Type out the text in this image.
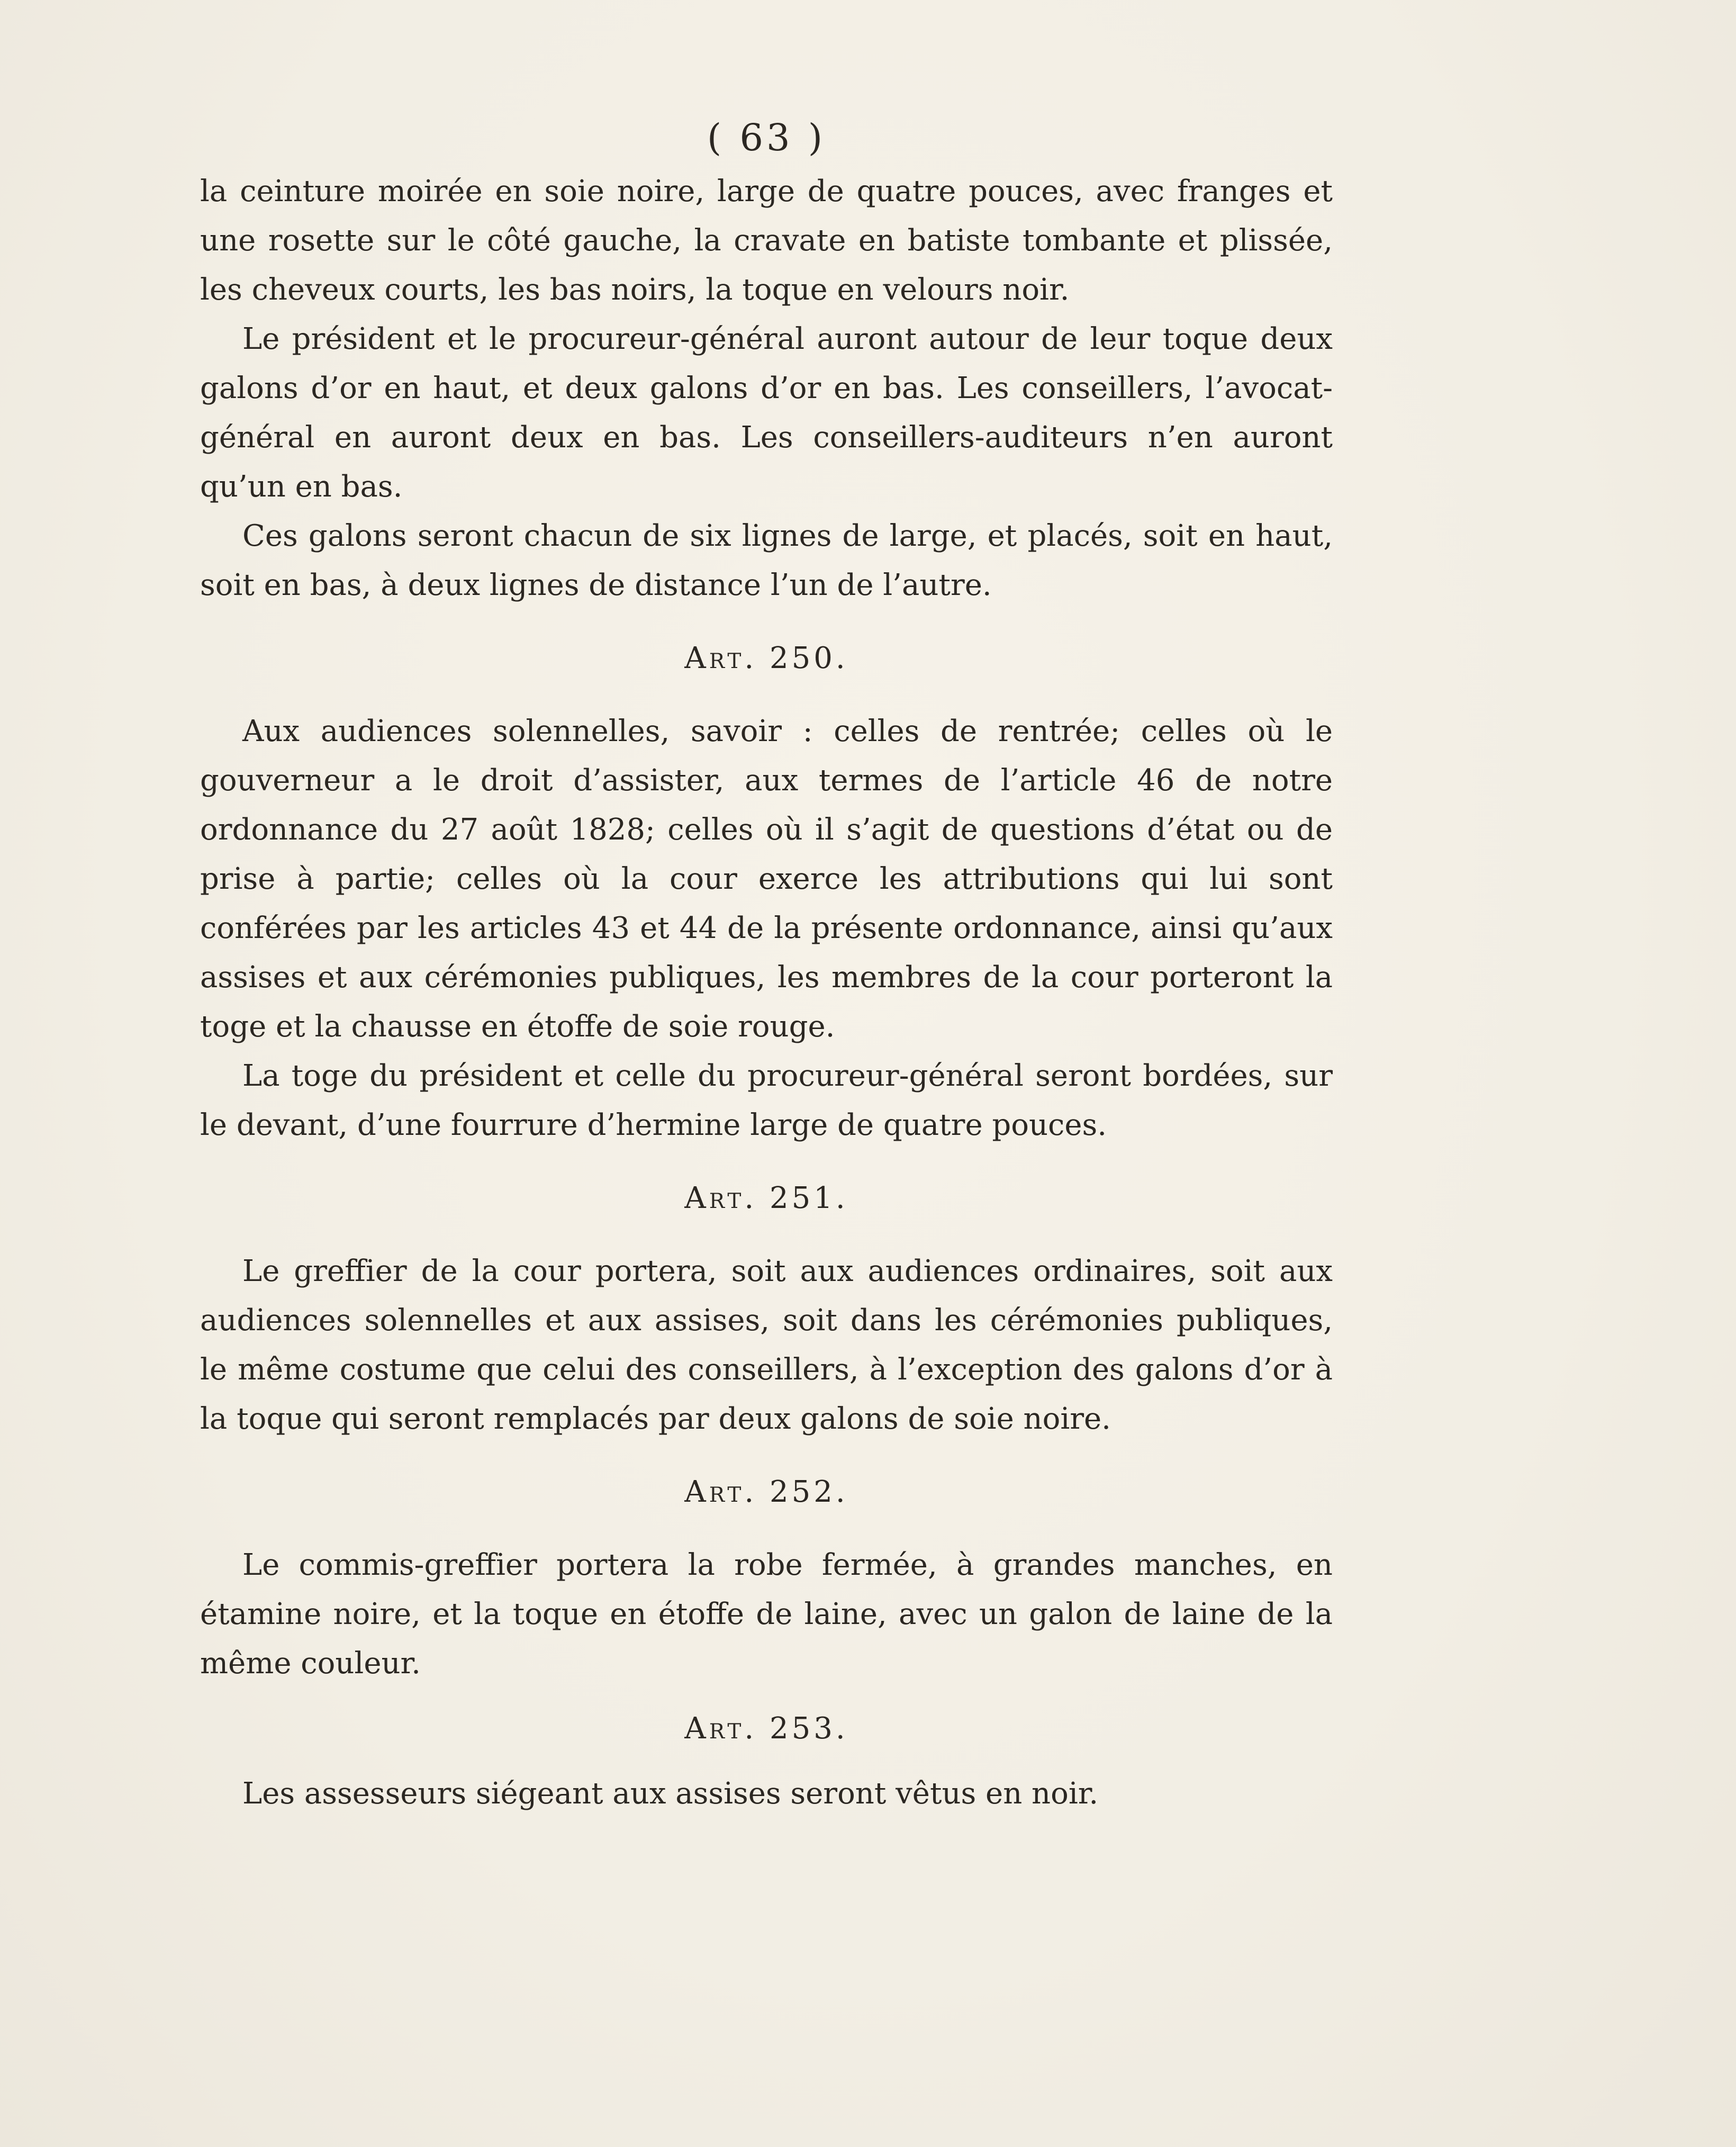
( 63 )

la ceinture moirée en soie noire, large de quatre pouces, avec franges et une rosette sur le côté gauche, la cravate en batiste tombante et plissée, les cheveux courts, les bas noirs, la toque en velours noir.

Le président et le procureur-général auront autour de leur toque deux galons d’or en haut, et deux galons d’or en bas. Les conseillers, l’avocat-général en auront deux en bas. Les conseillers-auditeurs n’en auront qu’un en bas.

Ces galons seront chacun de six lignes de large, et placés, soit en haut, soit en bas, à deux lignes de distance l’un de l’autre.

Art. 250.

Aux audiences solennelles, savoir : celles de rentrée; celles où le gouverneur a le droit d’assister, aux termes de l’article 46 de notre ordonnance du 27 août 1828; celles où il s’agit de questions d’état ou de prise à partie; celles où la cour exerce les attributions qui lui sont conférées par les articles 43 et 44 de la présente ordonnance, ainsi qu’aux assises et aux cérémonies publiques, les membres de la cour porteront la toge et la chausse en étoffe de soie rouge.

La toge du président et celle du procureur-général seront bordées, sur le devant, d’une fourrure d’hermine large de quatre pouces.

Art. 251.

Le greffier de la cour portera, soit aux audiences ordinaires, soit aux audiences solennelles et aux assises, soit dans les cérémonies publiques, le même costume que celui des conseillers, à l’exception des galons d’or à la toque qui seront remplacés par deux galons de soie noire.

Art. 252.

Le commis-greffier portera la robe fermée, à grandes manches, en étamine noire, et la toque en étoffe de laine, avec un galon de laine de la même couleur.

Art. 253.

Les assesseurs siégeant aux assises seront vêtus en noir.
